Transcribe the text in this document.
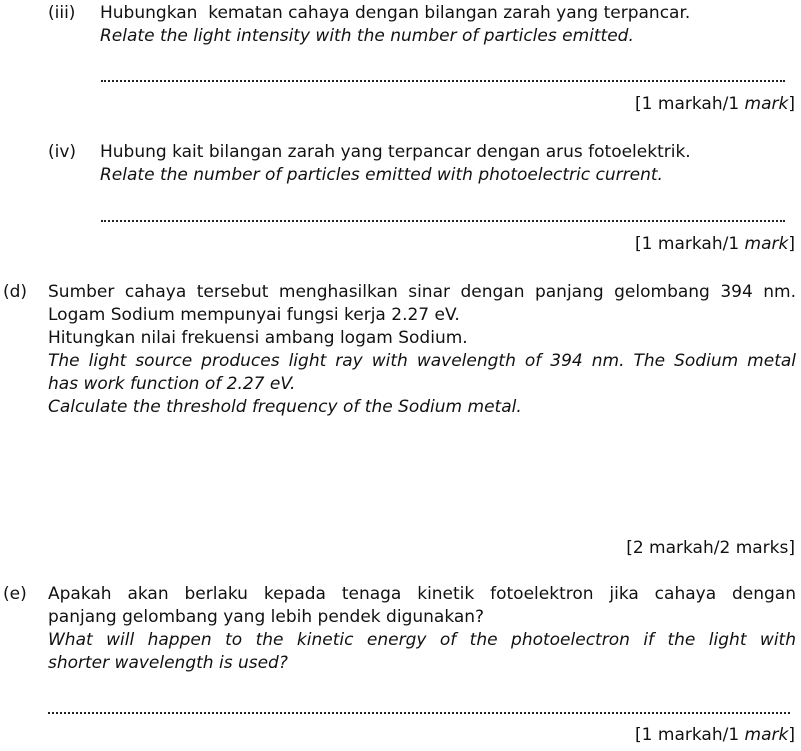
(iii) Hubungkan  kematan cahaya dengan bilangan zarah yang terpancar.
Relate the light intensity with the number of particles emitted.
[1 markah/1 mark]
(iv) Hubung kait bilangan zarah yang terpancar dengan arus fotoelektrik.
Relate the number of particles emitted with photoelectric current.
[1 markah/1 mark]
(d) Sumber cahaya tersebut menghasilkan sinar dengan panjang gelombang 394 nm.
Logam Sodium mempunyai fungsi kerja 2.27 eV.
Hitungkan nilai frekuensi ambang logam Sodium.
The light source produces light ray with wavelength of 394 nm. The Sodium metal
has work function of 2.27 eV.
Calculate the threshold frequency of the Sodium metal.
[2 markah/2 marks]
(e) Apakah akan berlaku kepada tenaga kinetik fotoelektron jika cahaya dengan
panjang gelombang yang lebih pendek digunakan?
What will happen to the kinetic energy of the photoelectron if the light with
shorter wavelength is used?
[1 markah/1 mark]
